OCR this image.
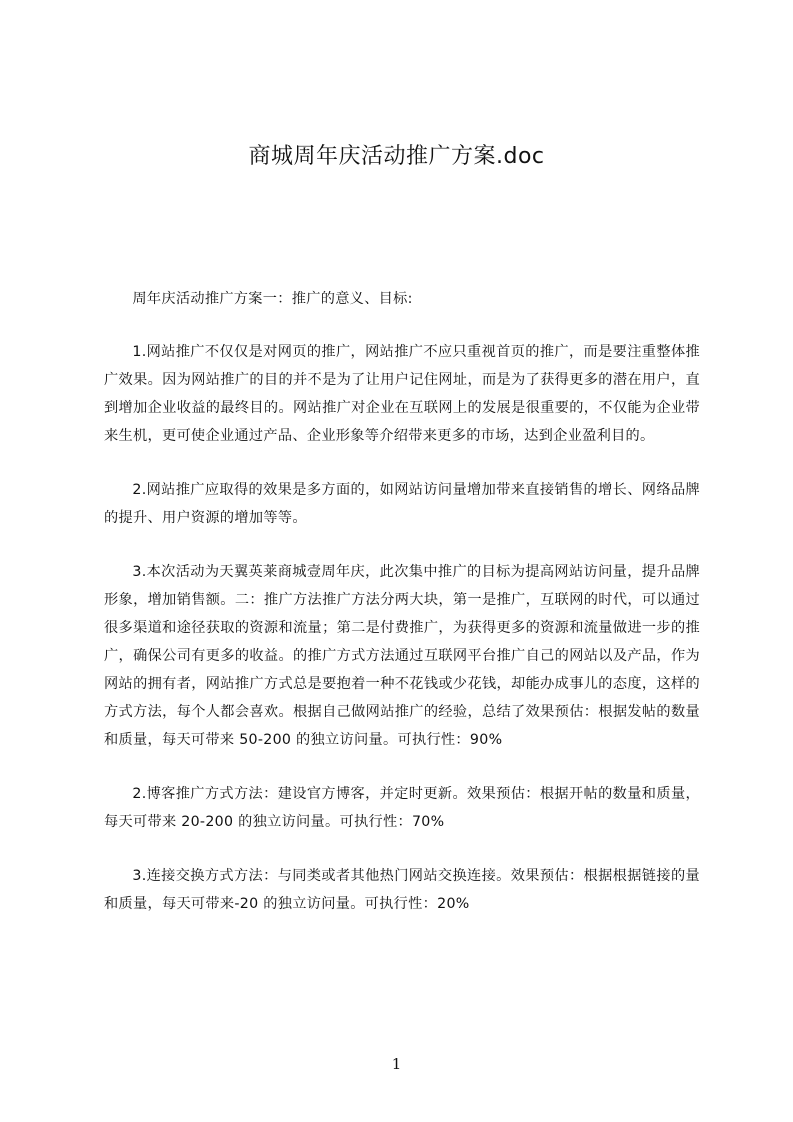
商城周年庆活动推广方案.doc

周年庆活动推广方案一：推广的意义、目标:

1.网站推广不仅仅是对网页的推广，网站推广不应只重视首页的推广，而是要注重整体推广效果。因为网站推广的目的并不是为了让用户记住网址，而是为了获得更多的潜在用户，直到增加企业收益的最终目的。网站推广对企业在互联网上的发展是很重要的，不仅能为企业带来生机，更可使企业通过产品、企业形象等介绍带来更多的市场，达到企业盈利目的。

2.网站推广应取得的效果是多方面的，如网站访问量增加带来直接销售的增长、网络品牌的提升、用户资源的增加等等。

3.本次活动为天翼英莱商城壹周年庆，此次集中推广的目标为提高网站访问量，提升品牌形象，增加销售额。二：推广方法推广方法分两大块，第一是推广，互联网的时代，可以通过很多渠道和途径获取的资源和流量；第二是付费推广，为获得更多的资源和流量做进一步的推广，确保公司有更多的收益。的推广方式方法通过互联网平台推广自己的网站以及产品，作为网站的拥有者，网站推广方式总是要抱着一种不花钱或少花钱，却能办成事儿的态度，这样的方式方法，每个人都会喜欢。根据自己做网站推广的经验，总结了效果预估：根据发帖的数量和质量，每天可带来 50-200 的独立访问量。可执行性：90%

2.博客推广方式方法：建设官方博客，并定时更新。效果预估：根据开帖的数量和质量，每天可带来 20-200 的独立访问量。可执行性：70%

3.连接交换方式方法：与同类或者其他热门网站交换连接。效果预估：根据根据链接的量和质量，每天可带来-20 的独立访问量。可执行性：20%

1
